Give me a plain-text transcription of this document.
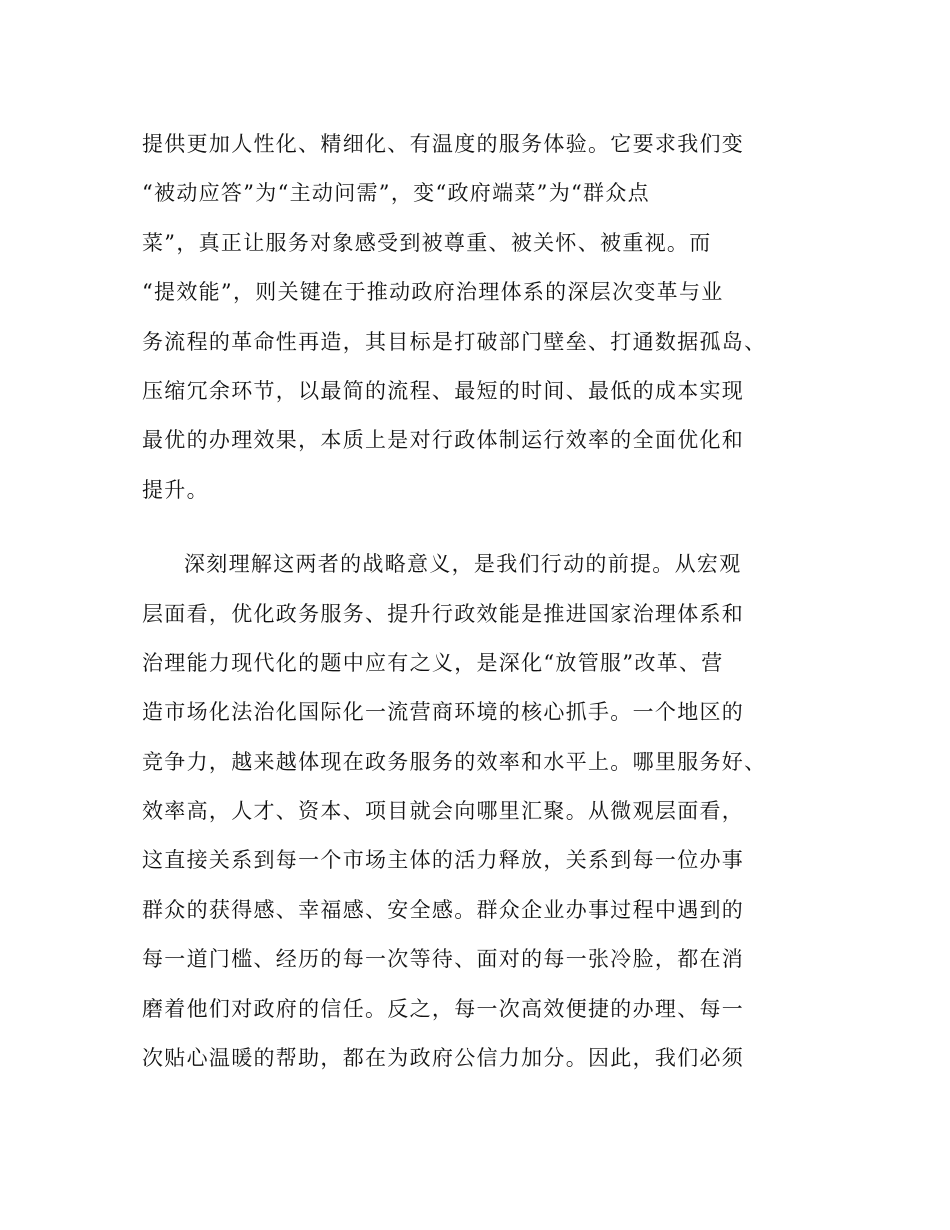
提供更加人性化、精细化、有温度的服务体验。它要求我们变
“被动应答”为“主动问需”，变“政府端菜”为“群众点
菜”，真正让服务对象感受到被尊重、被关怀、被重视。而
“提效能”，则关键在于推动政府治理体系的深层次变革与业
务流程的革命性再造，其目标是打破部门壁垒、打通数据孤岛、
压缩冗余环节，以最简的流程、最短的时间、最低的成本实现
最优的办理效果，本质上是对行政体制运行效率的全面优化和
提升。
深刻理解这两者的战略意义，是我们行动的前提。从宏观
层面看，优化政务服务、提升行政效能是推进国家治理体系和
治理能力现代化的题中应有之义，是深化“放管服”改革、营
造市场化法治化国际化一流营商环境的核心抓手。一个地区的
竞争力，越来越体现在政务服务的效率和水平上。哪里服务好、
效率高，人才、资本、项目就会向哪里汇聚。从微观层面看，
这直接关系到每一个市场主体的活力释放，关系到每一位办事
群众的获得感、幸福感、安全感。群众企业办事过程中遇到的
每一道门槛、经历的每一次等待、面对的每一张冷脸，都在消
磨着他们对政府的信任。反之，每一次高效便捷的办理、每一
次贴心温暖的帮助，都在为政府公信力加分。因此，我们必须
